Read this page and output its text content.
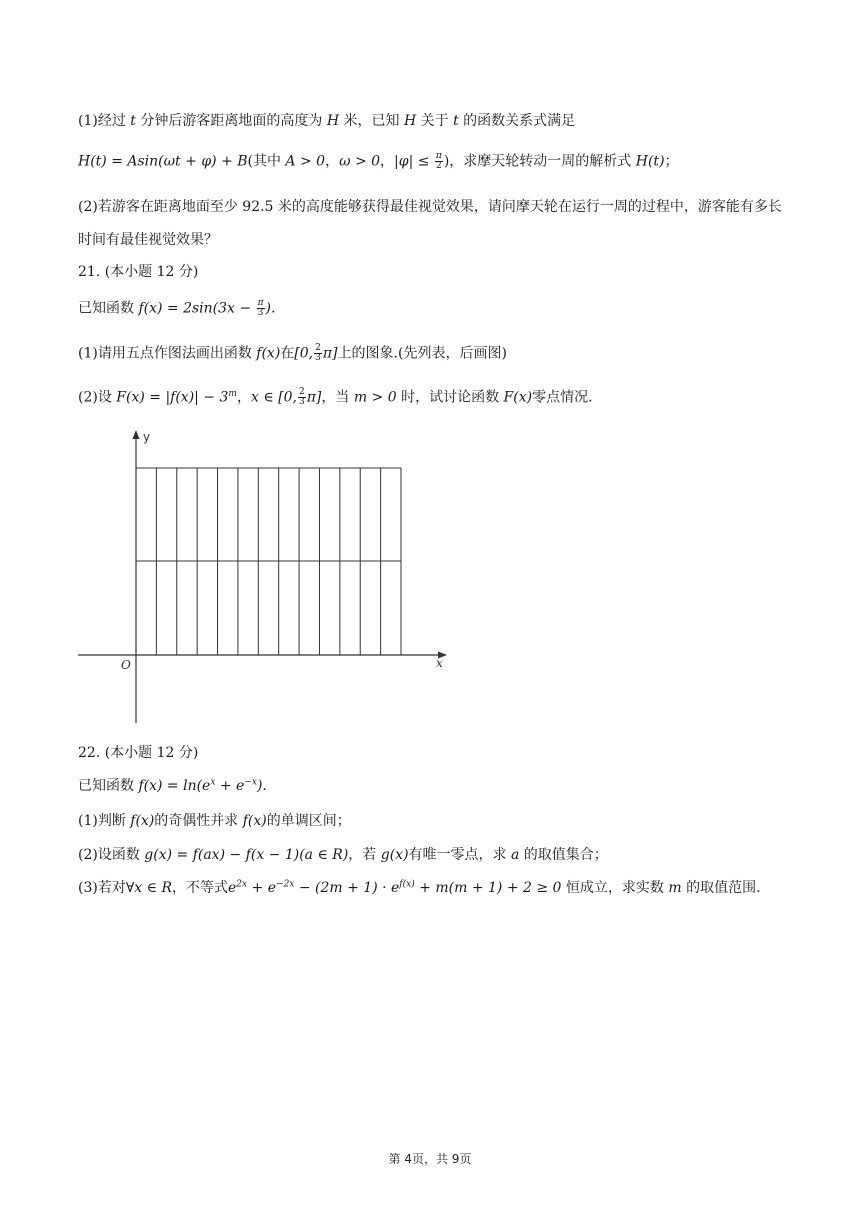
(1)经过 t 分钟后游客距离地面的高度为 H 米，已知 H 关于 t 的函数关系式满足
H(t) = Asin(ωt + φ) + B(其中 A > 0，ω > 0，$|\varphi| \le \frac{\pi}{2}$ )，求摩天轮转动一周的解析式 H(t)；
(2)若游客在距离地面至少 92.5 米的高度能够获得最佳视觉效果，请问摩天轮在运行一周的过程中，游客能有多长时间有最佳视觉效果？
21. (本小题 12 分)
已知函数 $f(x) = 2\sin(3x - \frac{\pi}{3}$ ).
(1)请用五点作图法画出函数 f(x)在[0, $\frac{2}{3} \pi$]上的图象.(先列表，后画图)
(2)设 $F(x) = |f(x)| - 3^m$，x ∈ [0, $\frac{2}{3} \pi$]，当 m > 0 时，试讨论函数 F(x)零点情况.
y
x
O
22. (本小题 12 分)
已知函数 $f(x) = \ln(e^x + e^{-x})$.
(1)判断 f(x)的奇偶性并求 f(x)的单调区间；
(2)设函数 g(x) = f(ax) − f(x − 1)(a ∈ R)，若 g(x)有唯一零点，求 a 的取值集合；
(3)若对∀x ∈ R，不等式$e^{2x} + e^{-2x} - (2m + 1) \cdot e^{f(x)} + m(m + 1) + 2 \ge 0$ 恒成立，求实数 m 的取值范围.
第 4页，共 9页
